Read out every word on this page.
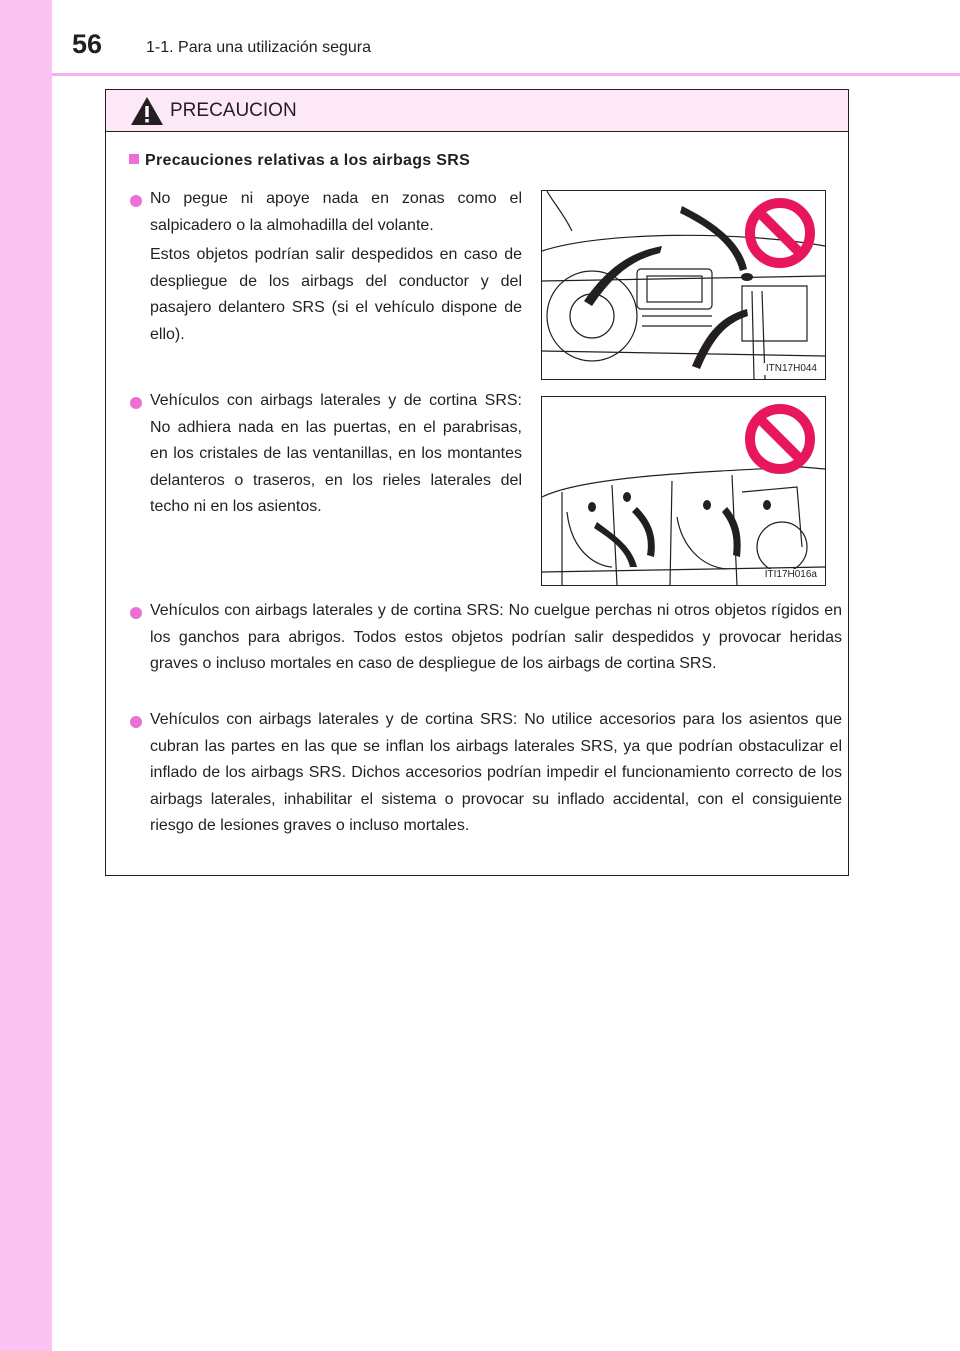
56	1-1. Para una utilización segura
PRECAUCION
Precauciones relativas a los airbags SRS

No pegue ni apoye nada en zonas como el salpicadero o la almohadilla del volante.

Estos objetos podrían salir despedidos en caso de despliegue de los airbags del conductor y del pasajero delantero SRS (si el vehículo dispone de ello).

ITN17H044

Vehículos con airbags laterales y de cortina SRS: No adhiera nada en las puertas, en el parabrisas, en los cristales de las ventanillas, en los montantes delanteros o traseros, en los rieles laterales del techo ni en los asientos.

ITI17H016a

Vehículos con airbags laterales y de cortina SRS: No cuelgue perchas ni otros objetos rígidos en los ganchos para abrigos. Todos estos objetos podrían salir despedidos y provocar heridas graves o incluso mortales en caso de despliegue de los airbags de cortina SRS.

Vehículos con airbags laterales y de cortina SRS: No utilice accesorios para los asientos que cubran las partes en las que se inflan los airbags laterales SRS, ya que podrían obstaculizar el inflado de los airbags SRS. Dichos accesorios podrían impedir el funcionamiento correcto de los airbags laterales, inhabilitar el sistema o provocar su inflado accidental, con el consiguiente riesgo de lesiones graves o incluso mortales.
